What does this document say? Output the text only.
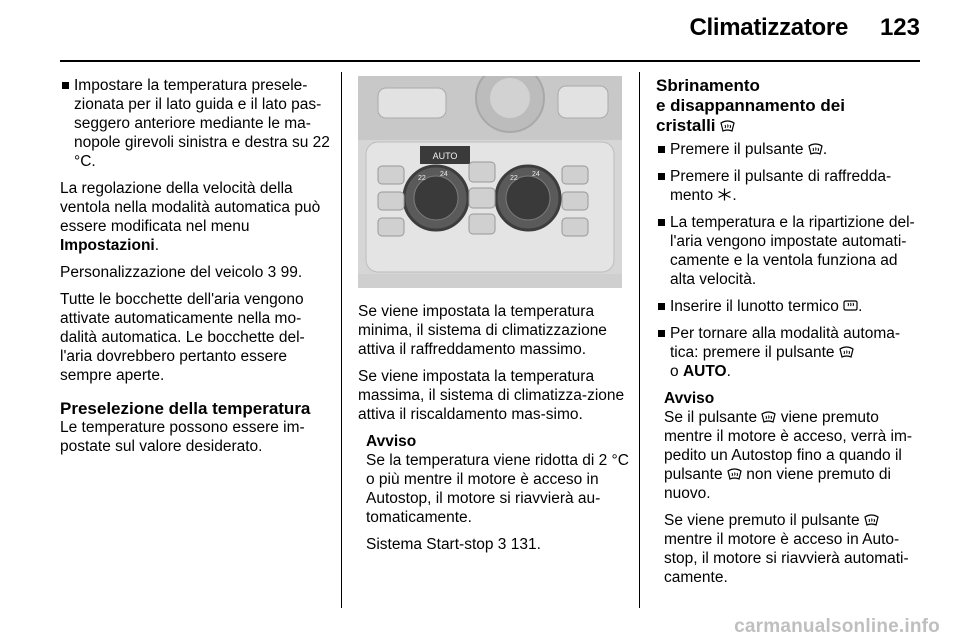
Climatizzatore 123
Impostare la temperatura presele-zionata per il lato guida e il lato pas-seggero anteriore mediante le ma-nopole girevoli sinistra e destra su 22 °C.

La regolazione della velocità della ventola nella modalità automatica può essere modificata nel menu Impostazioni.

Personalizzazione del veicolo 3 99.

Tutte le bocchette dell'aria vengono attivate automaticamente nella mo-dalità automatica. Le bocchette del-l'aria dovrebbero pertanto essere sempre aperte.

Preselezione della temperatura

Le temperature possono essere im-postate sul valore desiderato.

AUTO
22
24
22
24

Se viene impostata la temperatura minima, il sistema di climatizzazione attiva il raffreddamento massimo.

Se viene impostata la temperatura massima, il sistema di climatizza-zione attiva il riscaldamento mas-simo.

Avviso

Se la temperatura viene ridotta di 2 °C o più mentre il motore è acceso in Autostop, il motore si riavvierà au-tomaticamente.

Sistema Start-stop 3 131.

Sbrinamento
e disappannamento dei
cristalli
Premere il pulsante .
Premere il pulsante di raffredda-mento .
La temperatura e la ripartizione del-l'aria vengono impostate automati-camente e la ventola funziona ad alta velocità.
Inserire il lunotto termico .
Per tornare alla modalità automa-tica: premere il pulsante

o AUTO.
Avviso

Se il pulsante viene premuto mentre il motore è acceso, verrà im-pedito un Autostop fino a quando il pulsante non viene premuto di nuovo.

Se viene premuto il pulsante
mentre il motore è acceso in Auto-stop, il motore si riavvierà automati-camente.

carmanualsonline.info
